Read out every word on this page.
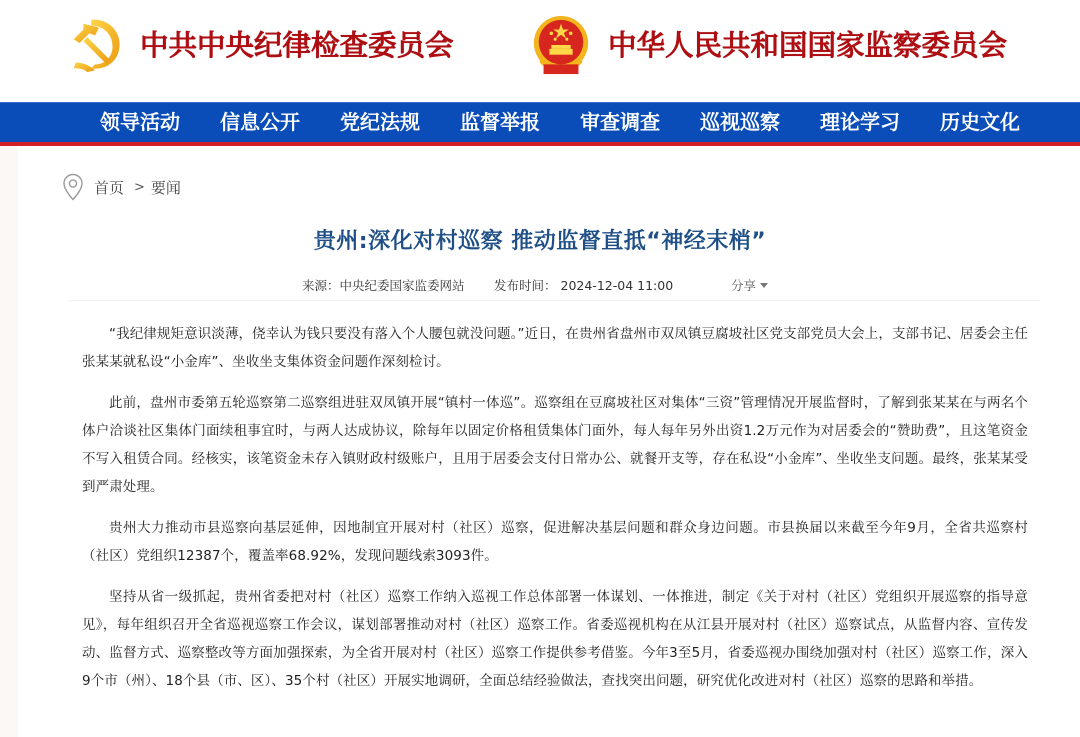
中共中央纪律检查委员会	中华人民共和国国家监察委员会
领导活动	信息公开	党纪法规	监督举报	审查调查	巡视巡察	理论学习	历史文化
首页 > 要闻
贵州:深化对村巡察 推动监督直抵“神经末梢”
来源：中央纪委国家监委网站 发布时间： 2024-12-04 11:00	分享

“我纪律规矩意识淡薄，侥幸认为钱只要没有落入个人腰包就没问题。”近日，在贵州省盘州市双凤镇豆腐坡社区党支部党员大会上，支部书记、居委会主任张某某就私设“小金库”、坐收坐支集体资金问题作深刻检讨。

此前，盘州市委第五轮巡察第二巡察组进驻双凤镇开展“镇村一体巡”。巡察组在豆腐坡社区对集体“三资”管理情况开展监督时，了解到张某某在与两名个体户洽谈社区集体门面续租事宜时，与两人达成协议，除每年以固定价格租赁集体门面外，每人每年另外出资1.2万元作为对居委会的“赞助费”，且这笔资金不写入租赁合同。经核实，该笔资金未存入镇财政村级账户，且用于居委会支付日常办公、就餐开支等，存在私设“小金库”、坐收坐支问题。最终，张某某受到严肃处理。

贵州大力推动市县巡察向基层延伸，因地制宜开展对村（社区）巡察，促进解决基层问题和群众身边问题。市县换届以来截至今年9月，全省共巡察村（社区）党组织12387个，覆盖率68.92%，发现问题线索3093件。

坚持从省一级抓起，贵州省委把对村（社区）巡察工作纳入巡视工作总体部署一体谋划、一体推进，制定《关于对村（社区）党组织开展巡察的指导意见》，每年组织召开全省巡视巡察工作会议，谋划部署推动对村（社区）巡察工作。省委巡视机构在从江县开展对村（社区）巡察试点，从监督内容、宣传发动、监督方式、巡察整改等方面加强探索，为全省开展对村（社区）巡察工作提供参考借鉴。今年3至5月，省委巡视办围绕加强对村（社区）巡察工作，深入9个市（州）、18个县（市、区）、35个村（社区）开展实地调研，全面总结经验做法，查找突出问题，研究优化改进对村（社区）巡察的思路和举措。
